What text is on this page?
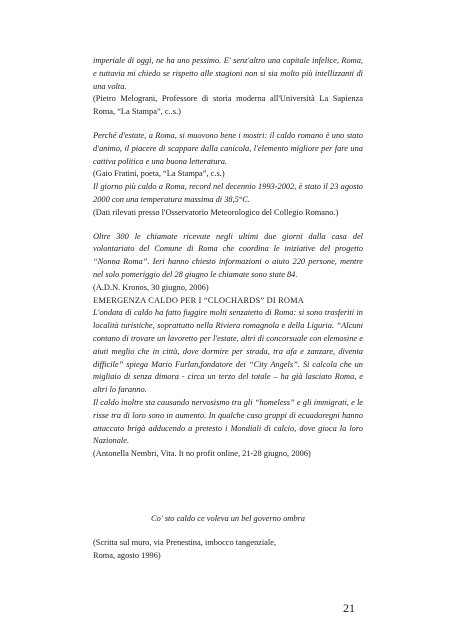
imperiale di oggi, ne ha uno pessimo. E' senz'altro una capitale infelice, Roma, e tuttavia mi chiedo se rispetto alle stagioni non si sia molto più intellizzanti di una volta.

(Pietro Melograni, Professore di storia moderna all'Università La Sapienza Roma, “La Stampa”, c..s.)

Perché d'estate, a Roma, si muovono bene i mostri: il caldo romano è uno stato d'animo, il piacere di scappare dalla canicola, l'elemento migliore per fare una cattiva politica e una buona letteratura.

(Gaio Fratini, poeta, “La Stampa”, c.s.)

Il giorno più caldo a Roma, record nel decennio 1993-2002, è stato il 23 agosto 2000 con una temperatura massima di 38,5°C.

(Dati rilevati presso l'Osservatorio Meteorologico del Collegio Romano.)

Oltre 300 le chiamate ricevute negli ultimi due giorni dalla casa del volontariato del Comune di Roma che coordina le iniziative del progetto “Nonna Roma”. Ieri hanno chiesto informazioni o aiuto 220 persone, mentre nel solo pomeriggio del 28 giugno le chiamate sono state 84.

(A.D.N. Kronos, 30 giugno, 2006)

EMERGENZA CALDO PER I “CLOCHARDS” DI ROMA

L'ondata di caldo ha fatto fuggire molti senzatetto di Roma: si sono trasferiti in località turistiche, soprattutto nella Riviera romagnola e della Liguria. “Alcuni contano di trovare un lavoretto per l'estate, altri di concorsuale con elemosine e aiuti meglio che in città, dove dormire per strada, tra afa e zanzare, diventa difficile” spiega Mario Furlan,fondatore dei “City Angels”. Si calcola che un migliaio di senza dimora - circa un terzo del totale – ha già lasciato Roma, e altri lo faranno.

Il caldo inoltre sta causando nervosismo tra gli “homeless” e gli immigrati, e le risse tra di loro sono in aumento. In qualche caso gruppi di ecuadoregni hanno attaccato brigà adducendo a pretesto i Mondiali di calcio, dove gioca la loro Nazionale.

(Antonella Nembri, Vita. It no profit online, 21-28 giugno, 2006)

Co' sto caldo ce voleva un bel governo ombra

(Scritta sul muro, via Prenestina, imbocco tangenziale,

Roma, agosto 1996)

21
